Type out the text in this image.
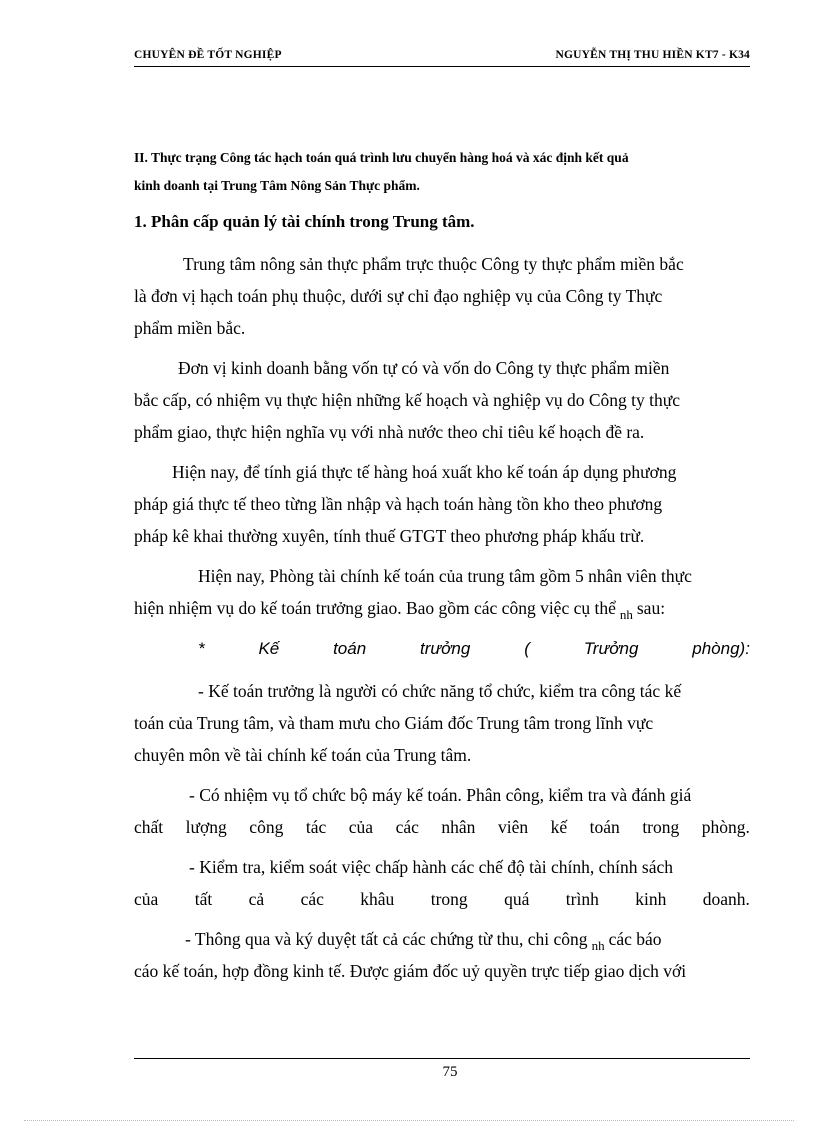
CHUYÊN ĐỀ TỐT NGHIỆP	NGUYỄN THỊ THU HIỀN KT7 - K34
II. Thực trạng Công tác hạch toán quá trình lưu chuyển hàng hoá và xác định kết quả
kinh doanh tại Trung Tâm Nông Sản Thực phẩm.
1. Phân cấp quản lý tài chính trong Trung tâm.
Trung tâm nông sản thực phẩm trực thuộc Công ty thực phẩm miền bắc
là đơn vị hạch toán phụ thuộc, dưới sự chỉ đạo nghiệp vụ của Công ty Thực
phẩm miền bắc.
Đơn vị kinh doanh bằng vốn tự có và vốn do Công ty thực phẩm miền
bắc cấp, có nhiệm vụ thực hiện những kế hoạch và nghiệp vụ do Công ty thực
phẩm giao, thực hiện nghĩa vụ với nhà nước theo chỉ tiêu kế hoạch đề ra.
Hiện nay, để tính giá thực tế hàng hoá xuất kho kế toán áp dụng phương
pháp giá thực tế theo từng lần nhập và hạch toán hàng tồn kho theo phương
pháp kê khai thường xuyên, tính thuế GTGT theo phương pháp khấu trừ.
Hiện nay, Phòng tài chính kế toán của trung tâm gồm 5 nhân viên thực
hiện nhiệm vụ do kế toán trưởng giao. Bao gồm các công việc cụ thể $_{nh}$ sau:
*	Kế	toán	trưởng	(	Trưởng	phòng):
- Kế toán trưởng là người có chức năng tổ chức, kiểm tra công tác kế
toán của Trung tâm, và tham mưu cho Giám đốc Trung tâm trong lĩnh vực
chuyên môn về tài chính kế toán của Trung tâm.
- Có nhiệm vụ tổ chức bộ máy kế toán. Phân công, kiểm tra và đánh giá
chất lượng công tác của các nhân viên kế toán trong phòng.
- Kiểm tra, kiểm soát việc chấp hành các chế độ tài chính, chính sách
của tất cả các khâu trong quá trình kinh doanh.
- Thông qua và ký duyệt tất cả các chứng từ thu, chi công $_{nh}$ các báo
cáo kế toán, hợp đồng kinh tế. Được giám đốc uỷ quyền trực tiếp giao dịch với
75
